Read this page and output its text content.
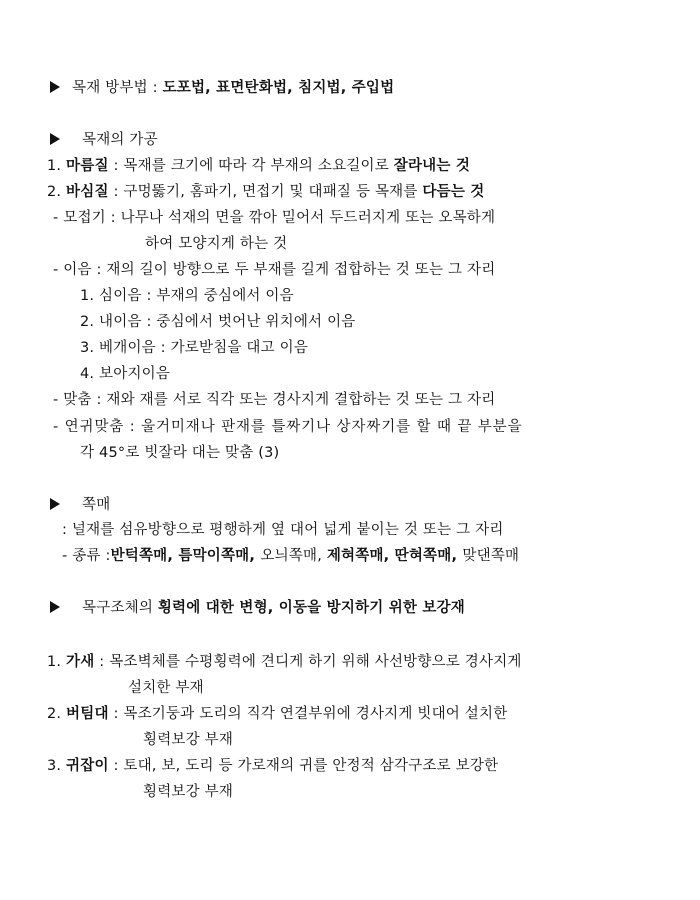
목재 방부법 : 도포법, 표면탄화법, 침지법, 주입법
목재의 가공
1. 마름질 : 목재를 크기에 따라 각 부재의 소요길이로 잘라내는 것
2. 바심질 : 구멍뚫기, 홈파기, 면접기 및 대패질 등 목재를 다듬는 것
- 모접기 : 나무나 석재의 면을 깎아 밀어서 두드러지게 또는 오목하게
하여 모양지게 하는 것
- 이음 : 재의 길이 방향으로 두 부재를 길게 접합하는 것 또는 그 자리
1. 심이음 : 부재의 중심에서 이음
2. 내이음 : 중심에서 벗어난 위치에서 이음
3. 베개이음 : 가로받침을 대고 이음
4. 보아지이음
- 맞춤 : 재와 재를 서로 직각 또는 경사지게 결합하는 것 또는 그 자리
- 연귀맞춤 : 울거미재나 판재를 틀짜기나 상자짜기를 할 때 끝 부분을
각 45°로 빗잘라 대는 맞춤 (3)
쪽매
: 널재를 섬유방향으로 평행하게 옆 대어 넓게 붙이는 것 또는 그 자리
- 종류 :반턱쪽매, 틈막이쪽매, 오늬쪽매, 제혀쪽매, 딴혀쪽매, 맞댄쪽매
목구조체의 횡력에 대한 변형, 이동을 방지하기 위한 보강재
1. 가새 : 목조벽체를 수평횡력에 견디게 하기 위해 사선방향으로 경사지게
설치한 부재
2. 버팀대 : 목조기둥과 도리의 직각 연결부위에 경사지게 빗대어 설치한
횡력보강 부재
3. 귀잡이 : 토대, 보, 도리 등 가로재의 귀를 안정적 삼각구조로 보강한
횡력보강 부재
